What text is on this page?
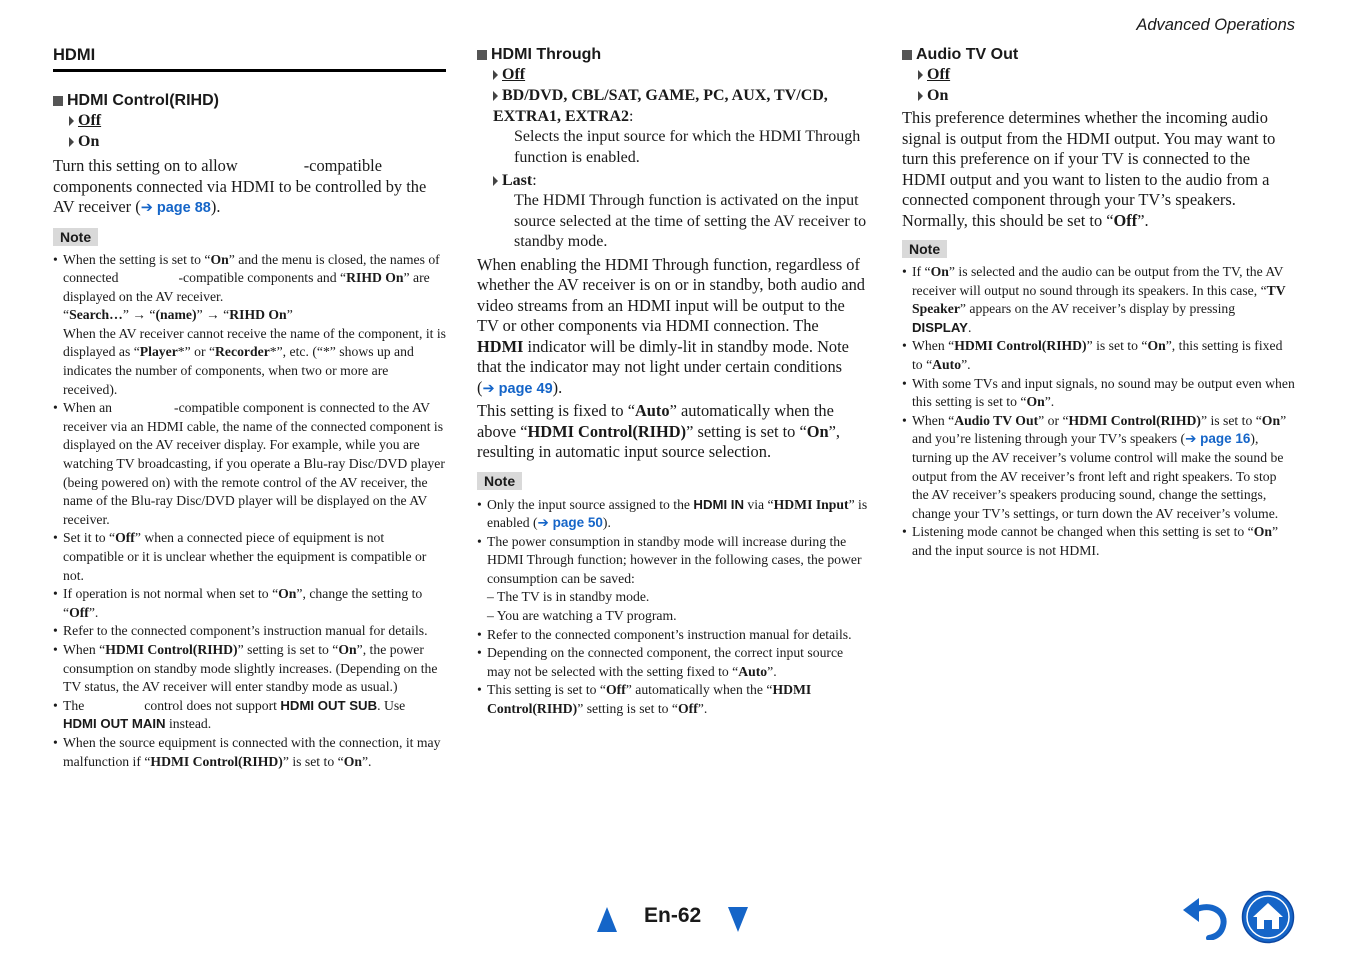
Advanced Operations
HDMI
HDMI Control(RIHD)
Off
On

Turn this setting on to allow	-compatible components connected via HDMI to be controlled by the AV receiver (➔ page 88).

Note
• When the setting is set to “On” and the menu is closed, the names of connected	-compatible components and “RIHD On” are displayed on the AV receiver.
“Search…” → “(name)” → “RIHD On”
When the AV receiver cannot receive the name of the component, it is displayed as “Player*” or “Recorder*”, etc. (“*” shows up and indicates the number of components, when two or more are received).
• When an	-compatible component is connected to the AV receiver via an HDMI cable, the name of the connected component is displayed on the AV receiver display. For example, while you are watching TV broadcasting, if you operate a Blu-ray Disc/DVD player (being powered on) with the remote control of the AV receiver, the name of the Blu-ray Disc/DVD player will be displayed on the AV receiver.
• Set it to “Off” when a connected piece of equipment is not compatible or it is unclear whether the equipment is compatible or not.
• If operation is not normal when set to “On”, change the setting to “Off”.
• Refer to the connected component’s instruction manual for details.
• When “HDMI Control(RIHD)” setting is set to “On”, the power consumption on standby mode slightly increases. (Depending on the TV status, the AV receiver will enter standby mode as usual.)
• The	control does not support HDMI OUT SUB. Use
HDMI OUT MAIN instead.
• When the source equipment is connected with the connection, it may malfunction if “HDMI Control(RIHD)” is set to “On”.
HDMI Through
Off
BD/DVD, CBL/SAT, GAME, PC, AUX, TV/CD,
EXTRA1, EXTRA2:
Selects the input source for which the HDMI Through function is enabled.
Last :
The HDMI Through function is activated on the input source selected at the time of setting the AV receiver to standby mode.

When enabling the HDMI Through function, regardless of whether the AV receiver is on or in standby, both audio and video streams from an HDMI input will be output to the TV or other components via HDMI connection. The HDMI indicator will be dimly-lit in standby mode. Note that the indicator may not light under certain conditions
(➔ page 49).

This setting is fixed to “Auto” automatically when the above “HDMI Control(RIHD)” setting is set to “On”, resulting in automatic input source selection.

Note
• Only the input source assigned to the HDMI IN via “HDMI Input” is enabled (➔ page 50).
• The power consumption in standby mode will increase during the HDMI Through function; however in the following cases, the power consumption can be saved:
– The TV is in standby mode.
– You are watching a TV program.
• Refer to the connected component’s instruction manual for details.
• Depending on the connected component, the correct input source may not be selected with the setting fixed to “Auto”.
• This setting is set to “Off” automatically when the “HDMI Control(RIHD)” setting is set to “Off”.
Audio TV Out
Off
On

This preference determines whether the incoming audio signal is output from the HDMI output. You may want to turn this preference on if your TV is connected to the HDMI output and you want to listen to the audio from a connected component through your TV’s speakers. Normally, this should be set to “Off”.

Note
• If “On” is selected and the audio can be output from the TV, the AV receiver will output no sound through its speakers. In this case, “TV Speaker” appears on the AV receiver’s display by pressing DISPLAY.
• When “HDMI Control(RIHD)” is set to “On”, this setting is fixed to “Auto”.
• With some TVs and input signals, no sound may be output even when this setting is set to “On”.
• When “Audio TV Out” or “HDMI Control(RIHD)” is set to “On” and you’re listening through your TV’s speakers (➔ page 16), turning up the AV receiver’s volume control will make the sound be output from the AV receiver’s front left and right speakers. To stop the AV receiver’s speakers producing sound, change the settings, change your TV’s settings, or turn down the AV receiver’s volume.
• Listening mode cannot be changed when this setting is set to “On” and the input source is not HDMI.
En-62
